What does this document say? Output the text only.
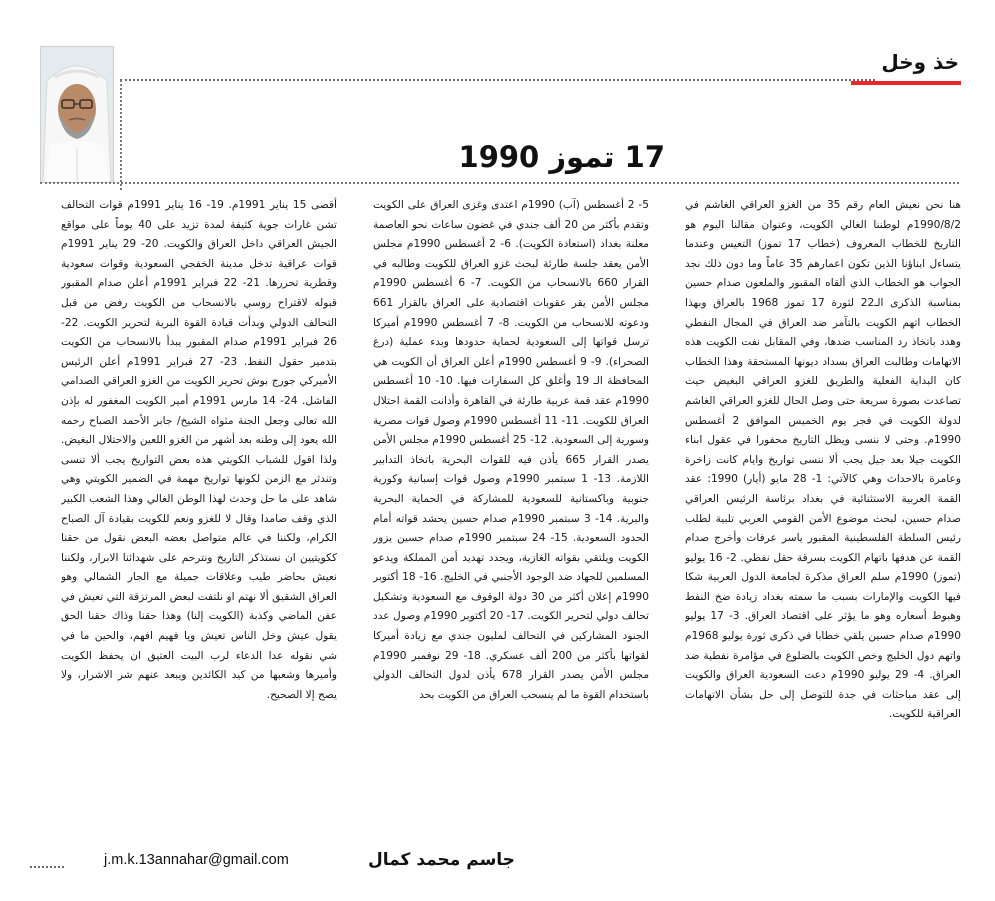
خذ وخل
17 تموز 1990

هنا نحن نعيش العام رقم 35 من الغزو العراقي الغاشم في 1990/8/2م لوطننا الغالي الكويت، وعنوان مقالنا اليوم هو التاريخ للخطاب المعروف (خطاب 17 تموز) التعيس وعندما يتساءل ابناؤنا الذين تكون اعمارهم 35 عاماً وما دون ذلك نجد الجواب هو الخطاب الذي ألقاه المقبور والملعون صدام حسين بمناسبة الذكرى الـ22 لثورة 17 تموز 1968 بالعراق وبهذا الخطاب اتهم الكويت بالتآمر ضد العراق في المجال النفطي وهدد باتخاذ رد المناسب ضدها، وفي المقابل نفت الكويت هذه الاتهامات وطالبت العراق بسداد ديونها المستحقة وهذا الخطاب كان البداية الفعلية والطريق للغزو العراقي البغيض حيث تصاعدت بصورة سريعة حتى وصل الحال للغزو العراقي الغاشم لدولة الكويت في فجر يوم الخميس الموافق 2 أغسطس 1990م. وحتى لا ننسى ويظل التاريخ محفورا في عقول ابناء الكويت جيلا بعد جيل يجب ألا ننسى تواريخ وايام كانت زاخرة وعامرة بالاحداث وهي كالآتي: 1- 28 مايو (أيار) 1990: عقد القمة العربية الاستثنائية في بغداد برئاسة الرئيس العراقي صدام حسين، لبحث موضوع الأمن القومي العربي تلبية لطلب رئيس السلطة الفلسطينية المقبور ياسر عرفات وأخرج صدام القمة عن هدفها باتهام الكويت بسرقة حقل نفطي. 2- 16 يوليو (تموز) 1990م سلم العراق مذكرة لجامعة الدول العربية شكا فيها الكويت والإمارات بسبب ما سمته بغداد زيادة ضخ النفط وهبوط أسعاره وهو ما يؤثر على اقتصاد العراق. 3- 17 يوليو 1990م صدام حسين يلقي خطابا في ذكرى ثورة يوليو 1968م واتهم دول الخليج وخص الكويت بالضلوع في مؤامرة نفطية ضد العراق. 4- 29 يوليو 1990م دعت السعودية العراق والكويت إلى عقد مباحثات في جدة للتوصل إلى حل بشأن الاتهامات العراقية للكويت.

5- 2 أغسطس (آب) 1990م اعتدى وغزى العراق على الكويت وتقدم بأكثر من 20 ألف جندي في غضون ساعات نحو العاصمة معلنة بغداد (استعادة الكويت). 6- 2 أغسطس 1990م مجلس الأمن يعقد جلسة طارئة لبحث غزو العراق للكويت وطالبه في القرار 660 بالانسحاب من الكويت. 7- 6 أغسطس 1990م مجلس الأمن يقر عقوبات اقتصادية على العراق بالقرار 661 ودعوته للانسحاب من الكويت. 8- 7 أغسطس 1990م أميركا ترسل قواتها إلى السعودية لحماية حدودها وبدء عملية (درع الصحراء). 9- 9 أغسطس 1990م أعلن العراق أن الكويت هي المحافظة الـ 19 وأغلق كل السفارات فيها. 10- 10 أغسطس 1990م عقد قمة عربية طارئة في القاهرة وأدانت القمة احتلال العراق للكويت. 11- 11 أغسطس 1990م وصول قوات مصرية وسورية إلى السعودية. 12- 25 أغسطس 1990م مجلس الأمن يصدر القرار 665 يأذن فيه للقوات البحرية باتخاذ التدابير اللازمة. 13- 1 سبتمبر 1990م وصول قوات إسبانية وكورية جنوبية وباكستانية للسعودية للمشاركة في الحماية البحرية والبرية. 14- 3 سبتمبر 1990م صدام حسين يحشد قواته أمام الحدود السعودية. 15- 24 سبتمبر 1990م صدام حسين يزور الكويت ويلتقي بقواته الغازية، ويجدد تهديد أمن المملكة ويدعو المسلمين للجهاد ضد الوجود الأجنبي في الخليج. 16- 18 أكتوبر 1990م إعلان أكثر من 30 دولة الوقوف مع السعودية وتشكيل تحالف دولي لتحرير الكويت. 17- 20 أكتوبر 1990م وصول عدد الجنود المشاركين في التحالف لمليون جندي مع زيادة أميركا لقواتها بأكثر من 200 ألف عسكري. 18- 29 نوفمبر 1990م مجلس الأمن يصدر القرار 678 يأذن لدول التحالف الدولي باستخدام القوة ما لم ينسحب العراق من الكويت بحد

أقصى 15 يناير 1991م. 19- 16 يناير 1991م قوات التحالف تشن غارات جوية كثيفة لمدة تزيد على 40 يوماً على مواقع الجيش العراقي داخل العراق والكويت. 20- 29 يناير 1991م قوات عراقية تدخل مدينة الخفجي السعودية وقوات سعودية وقطرية تحررها. 21- 22 فبراير 1991م أعلن صدام المقبور قبوله لاقتراح روسي بالانسحاب من الكويت رفض من قبل التحالف الدولي وبدأت قيادة القوة البرية لتحرير الكويت. 22- 26 فبراير 1991م صدام المقبور يبدأ بالانسحاب من الكويت بتدمير حقول النفط. 23- 27 فبراير 1991م أعلن الرئيس الأميركي جورج بوش تحرير الكويت من الغزو العراقي الصدامي الفاشل. 24- 14 مارس 1991م أمير الكويت المغفور له بإذن الله تعالى وجعل الجنة مثواه الشيخ/ جابر الأحمد الصباح رحمه الله يعود إلى وطنه بعد أشهر من الغزو اللعين والاحتلال البغيض. ولذا اقول للشباب الكويتي هذه بعض التواريخ يجب ألا تنسى وتندثر مع الزمن لكونها تواريخ مهمة في الضمير الكويتي وهي شاهد على ما حل وحدث لهذا الوطن الغالي وهذا الشعب الكبير الذي وقف صامدا وقال لا للغزو ونعم للكويت بقيادة آل الصباح الكرام، ولكننا في عالم متواصل بعضه البعض نقول من حقنا ككويتيين ان نستذكر التاريخ ونترحم على شهدائنا الابرار، ولكننا نعيش بحاضر طيب وعلاقات جميلة مع الجار الشمالي وهو العراق الشقيق ألا نهتم او نلتفت لبعض المرتزقة التي تعيش في عفن الماضي وكذبة (الكويت إلنا) وهذا حقنا وذاك حقنا الحق يقول عيش وخل الناس تعيش ويا فهيم افهم، والحين ما في شي نقوله عدا الدعاء لرب البيت العتيق ان يحفظ الكويت وأميرها وشعبها من كيد الكائدين ويبعد عنهم شر الاشرار، ولا يصح إلا الصحيح.

j.m.k.13annahar@gmail.com	جاسم محمد كمال
